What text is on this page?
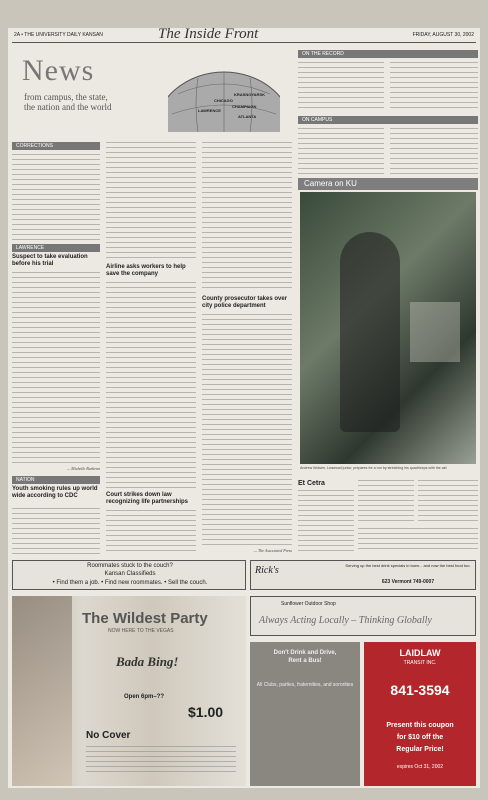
2A • THE UNIVERSITY DAILY KANSAN	The Inside Front	FRIDAY, AUGUST 30, 2002
News
from campus, the state,
the nation and the world
CHICAGO
KRASNOYARSK
LAWRENCE
CHAMPAIGN
ATLANTA
CORRECTIONS
LAWRENCE
Suspect to take evaluation before his trial
— Michelle Burhenn
NATION
Youth smoking rules up world wide according to CDC
Airline asks workers to help save the company
Court strikes down law recognizing life partnerships
County prosecutor takes over city police department
— The Associated Press
ON THE RECORD
ON CAMPUS
Camera on KU
Andrew Wolsen, Leawood junior, prepares for a run by stretching his quadriceps with the aid
Et Cetra
Roommates stuck to the couch?
Kansan Classifieds
• Find them a job. • Find new roommates. • Sell the couch.
Rick's	Serving up the best drink specials in town... and now the best food too.
623 Vermont 749-0007
The Wildest Party
NOW HERE TO THE VEGAS
Bada Bing!
Open 6pm–??
$1.00
No Cover
Sunflower Outdoor Shop
Always Acting Locally – Thinking Globally
Don't Drink and Drive,
Rent a Bus!
All Clubs, parties, fraternities, and sororities
LAIDLAW
TRANSIT INC.
841-3594
Present this coupon
for $10 off the
Regular Price!
expires Oct 31, 2002
